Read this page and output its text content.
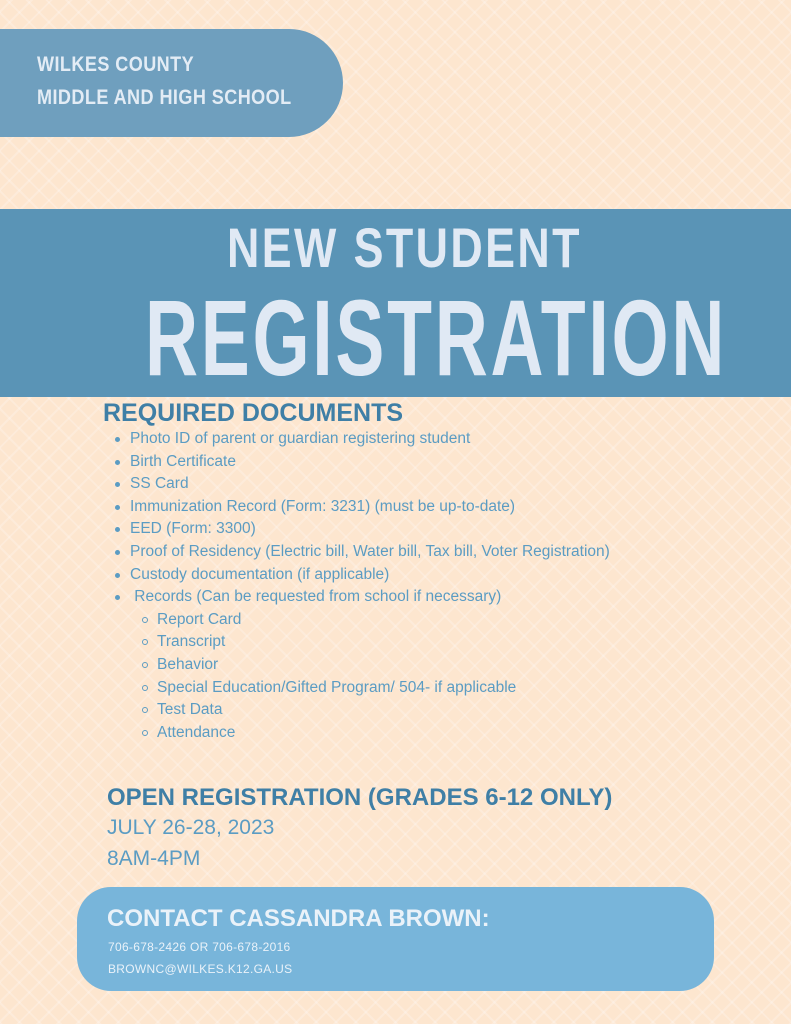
WILKES COUNTY
MIDDLE AND HIGH SCHOOL
NEW STUDENT
REGISTRATION
REQUIRED DOCUMENTS
Photo ID of parent or guardian registering student
Birth Certificate
SS Card
Immunization Record (Form: 3231) (must be up-to-date)
EED (Form: 3300)
Proof of Residency (Electric bill, Water bill, Tax bill, Voter Registration)
Custody documentation (if applicable)
Records (Can be requested from school if necessary)
Report Card
Transcript
Behavior
Special Education/Gifted Program/ 504- if applicable
Test Data
Attendance
OPEN REGISTRATION (GRADES 6-12 ONLY)
JULY 26-28, 2023
8AM-4PM
CONTACT CASSANDRA BROWN:
706-678-2426 OR 706-678-2016
BROWNC@WILKES.K12.GA.US
